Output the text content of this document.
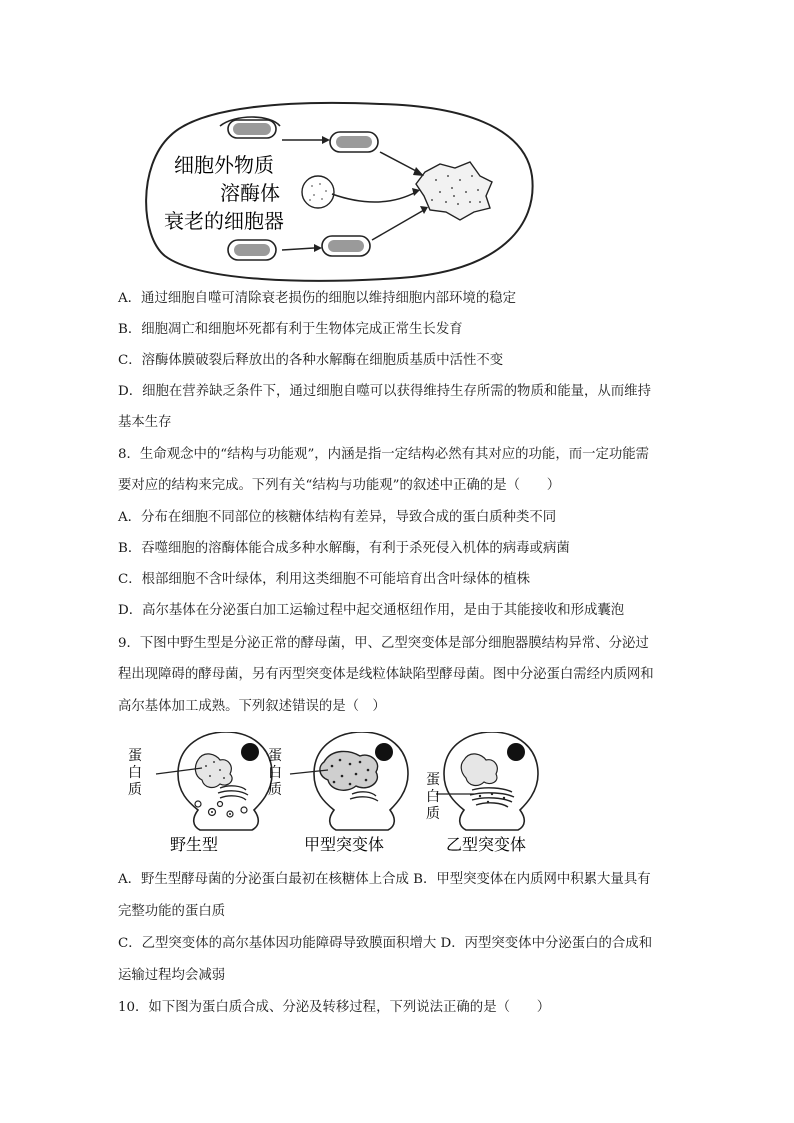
细胞外物质
溶酶体
衰老的细胞器
A．通过细胞自噬可清除衰老损伤的细胞以维持细胞内部环境的稳定
B．细胞凋亡和细胞坏死都有利于生物体完成正常生长发育
C．溶酶体膜破裂后释放出的各种水解酶在细胞质基质中活性不变
D．细胞在营养缺乏条件下，通过细胞自噬可以获得维持生存所需的物质和能量，从而维持
基本生存
8．生命观念中的“结构与功能观”，内涵是指一定结构必然有其对应的功能，而一定功能需
要对应的结构来完成。下列有关“结构与功能观”的叙述中正确的是（　　）
A．分布在细胞不同部位的核糖体结构有差异，导致合成的蛋白质种类不同
B．吞噬细胞的溶酶体能合成多种水解酶，有利于杀死侵入机体的病毒或病菌
C．根部细胞不含叶绿体，利用这类细胞不可能培育出含叶绿体的植株
D．高尔基体在分泌蛋白加工运输过程中起交通枢纽作用，是由于其能接收和形成囊泡
9．下图中野生型是分泌正常的酵母菌，甲、乙型突变体是部分细胞器膜结构异常、分泌过
程出现障碍的酵母菌，另有丙型突变体是线粒体缺陷型酵母菌。图中分泌蛋白需经内质网和
高尔基体加工成熟。下列叙述错误的是（　）
蛋白质
蛋白质
蛋白质
野生型	甲型突变体	乙型突变体
A．野生型酵母菌的分泌蛋白最初在核糖体上合成 B．甲型突变体在内质网中积累大量具有
完整功能的蛋白质
C．乙型突变体的高尔基体因功能障碍导致膜面积增大 D．丙型突变体中分泌蛋白的合成和
运输过程均会减弱
10．如下图为蛋白质合成、分泌及转移过程，下列说法正确的是（　　）
